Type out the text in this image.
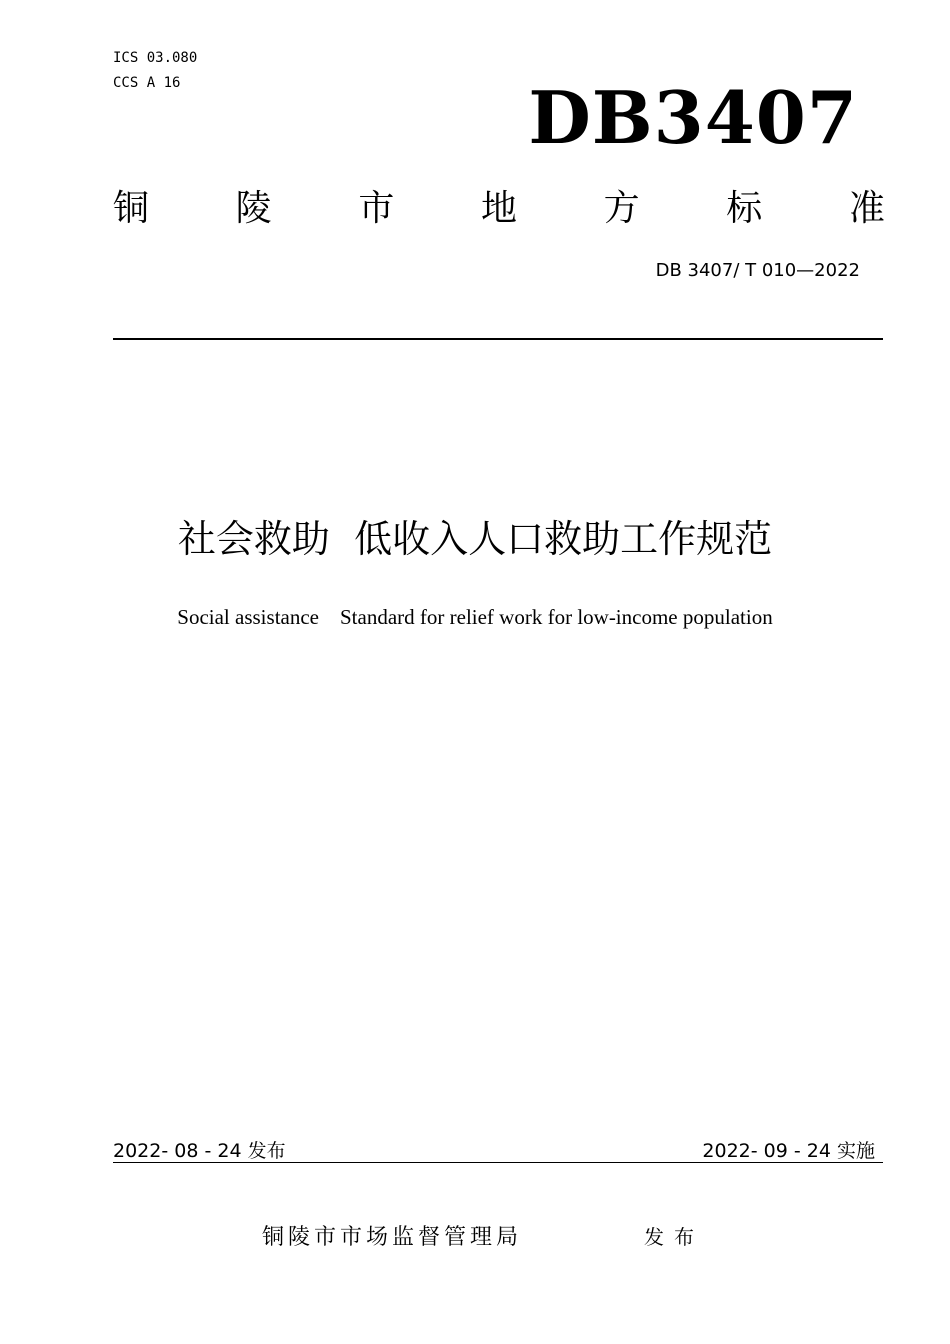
ICS 03.080
CCS A 16	DB3407
铜 陵 市 地 方 标 准
DB 3407/ T 010—2022
社会救助  低收入人口救助工作规范
Social assistance    Standard for relief work for low-income population
2022- 08 - 24 发布	2022- 09 - 24 实施
铜陵市市场监督管理局	发布
